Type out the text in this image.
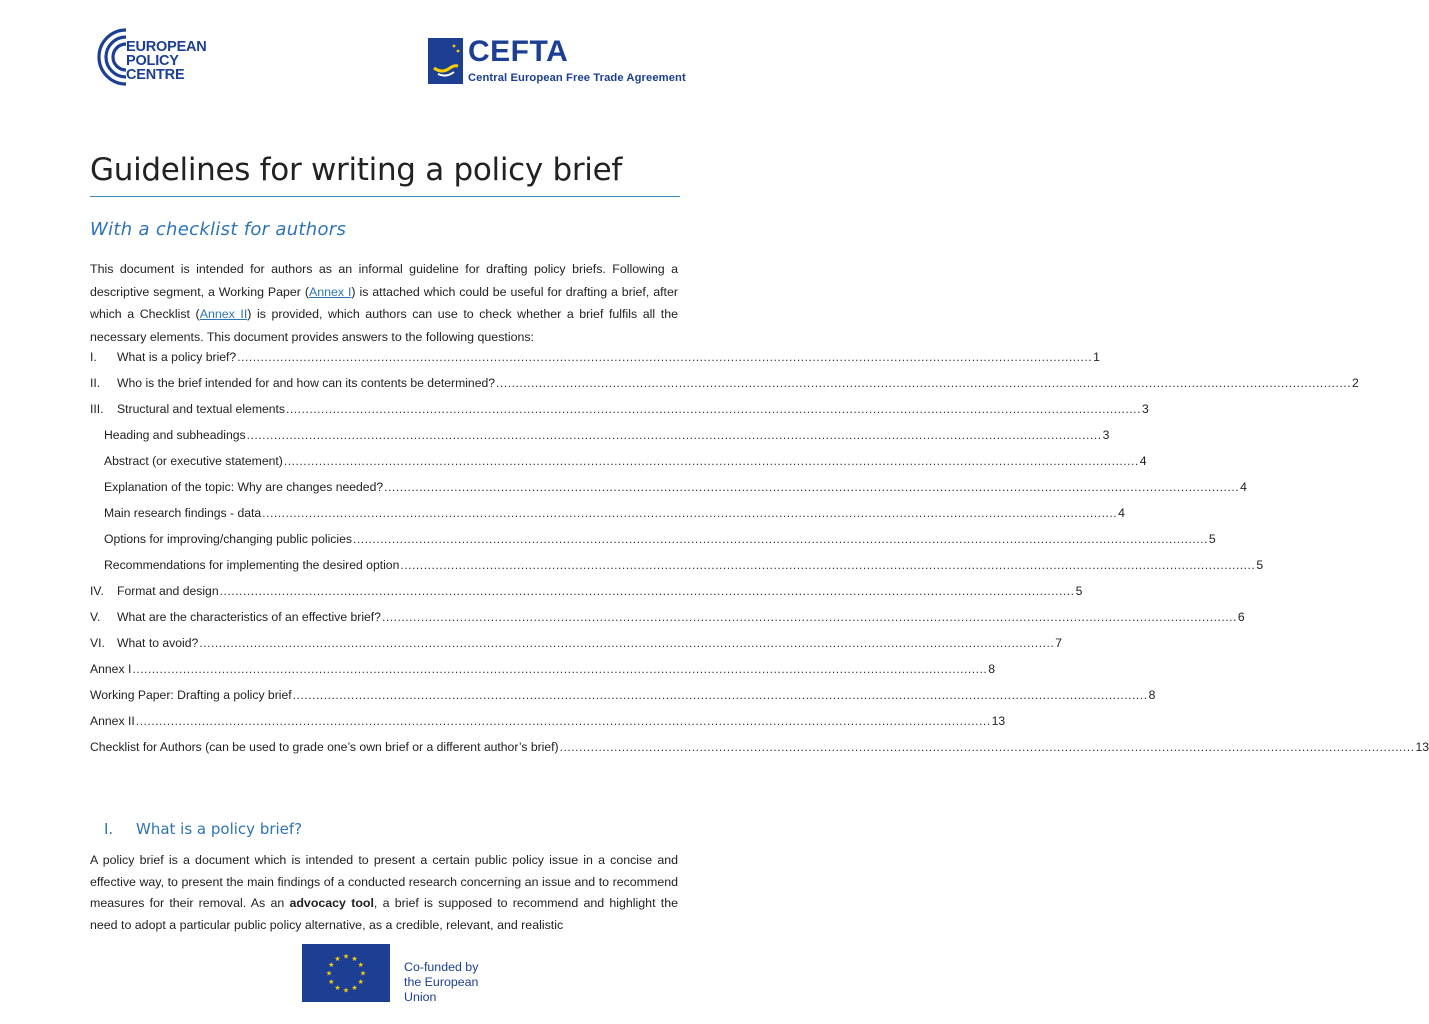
EUROPEAN
POLICY
CENTRE
CEFTA
Central European Free Trade Agreement
Guidelines for writing a policy brief
With a checklist for authors

This document is intended for authors as an informal guideline for drafting policy briefs. Following a descriptive segment, a Working Paper (Annex I) is attached which could be useful for drafting a brief, after which a Checklist (Annex II) is provided, which authors can use to check whether a brief fulfils all the necessary elements. This document provides answers to the following questions:

I.	What is a policy brief? ............................................................................................................................................................................................................................ 1
II.	Who is the brief intended for and how can its contents be determined? ............................................................................................................................................................................................................................ 2
III.	Structural and textual elements ............................................................................................................................................................................................................................ 3
Heading and subheadings ............................................................................................................................................................................................................................ 3
Abstract (or executive statement) ............................................................................................................................................................................................................................ 4
Explanation of the topic: Why are changes needed? ............................................................................................................................................................................................................................ 4
Main research findings - data ............................................................................................................................................................................................................................ 4
Options for improving/changing public policies ............................................................................................................................................................................................................................ 5
Recommendations for implementing the desired option ............................................................................................................................................................................................................................ 5
IV.	Format and design ............................................................................................................................................................................................................................ 5
V.	What are the characteristics of an effective brief? ............................................................................................................................................................................................................................ 6
VI. What to avoid? ............................................................................................................................................................................................................................ 7
Annex I ............................................................................................................................................................................................................................ 8
Working Paper: Drafting a policy brief ............................................................................................................................................................................................................................ 8
Annex II ............................................................................................................................................................................................................................ 13
Checklist for Authors (can be used to grade one’s own brief or a different author’s brief) ............................................................................................................................................................................................................................ 13
I.	What is a policy brief?

A policy brief is a document which is intended to present a certain public policy issue in a concise and effective way, to present the main findings of a conducted research concerning an issue and to recommend measures for their removal. As an advocacy tool, a brief is supposed to recommend and highlight the need to adopt a particular public policy alternative, as a credible, relevant, and realistic

★ ★
★
★
★
★
★
★
★
★
★
★
Co-funded by
the European Union
